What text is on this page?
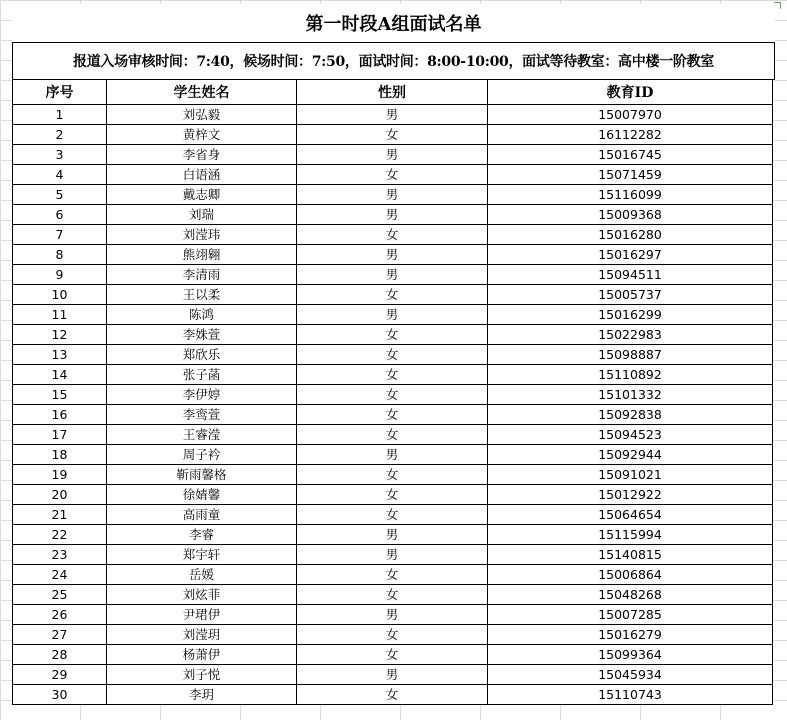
第一时段A组面试名单
报道入场审核时间：7:40，候场时间：7:50，面试时间：8:00-10:00，面试等待教室：高中楼一阶教室
序号	学生姓名	性别	教育ID
1	刘弘毅	男	15007970
2	黄梓文	女	16112282
3	李省身	男	15016745
4	白语涵	女	15071459
5	戴志卿	男	15116099
6	刘瑞	男	15009368
7	刘滢玮	女	15016280
8	熊翊翱	男	15016297
9	李清雨	男	15094511
10	王以柔	女	15005737
11	陈鸿	男	15016299
12	李姝萱	女	15022983
13	郑欣乐	女	15098887
14	张子菡	女	15110892
15	李伊婷	女	15101332
16	李鸾萱	女	15092838
17	王睿滢	女	15094523
18	周子衿	男	15092944
19	靳雨馨格	女	15091021
20	徐婧馨	女	15012922
21	高雨童	女	15064654
22	李睿	男	15115994
23	郑宇轩	男	15140815
24	岳媛	女	15006864
25	刘炫菲	女	15048268
26	尹珺伊	男	15007285
27	刘滢玥	女	15016279
28	杨萧伊	女	15099364
29	刘子悦	男	15045934
30	李玥	女	15110743
